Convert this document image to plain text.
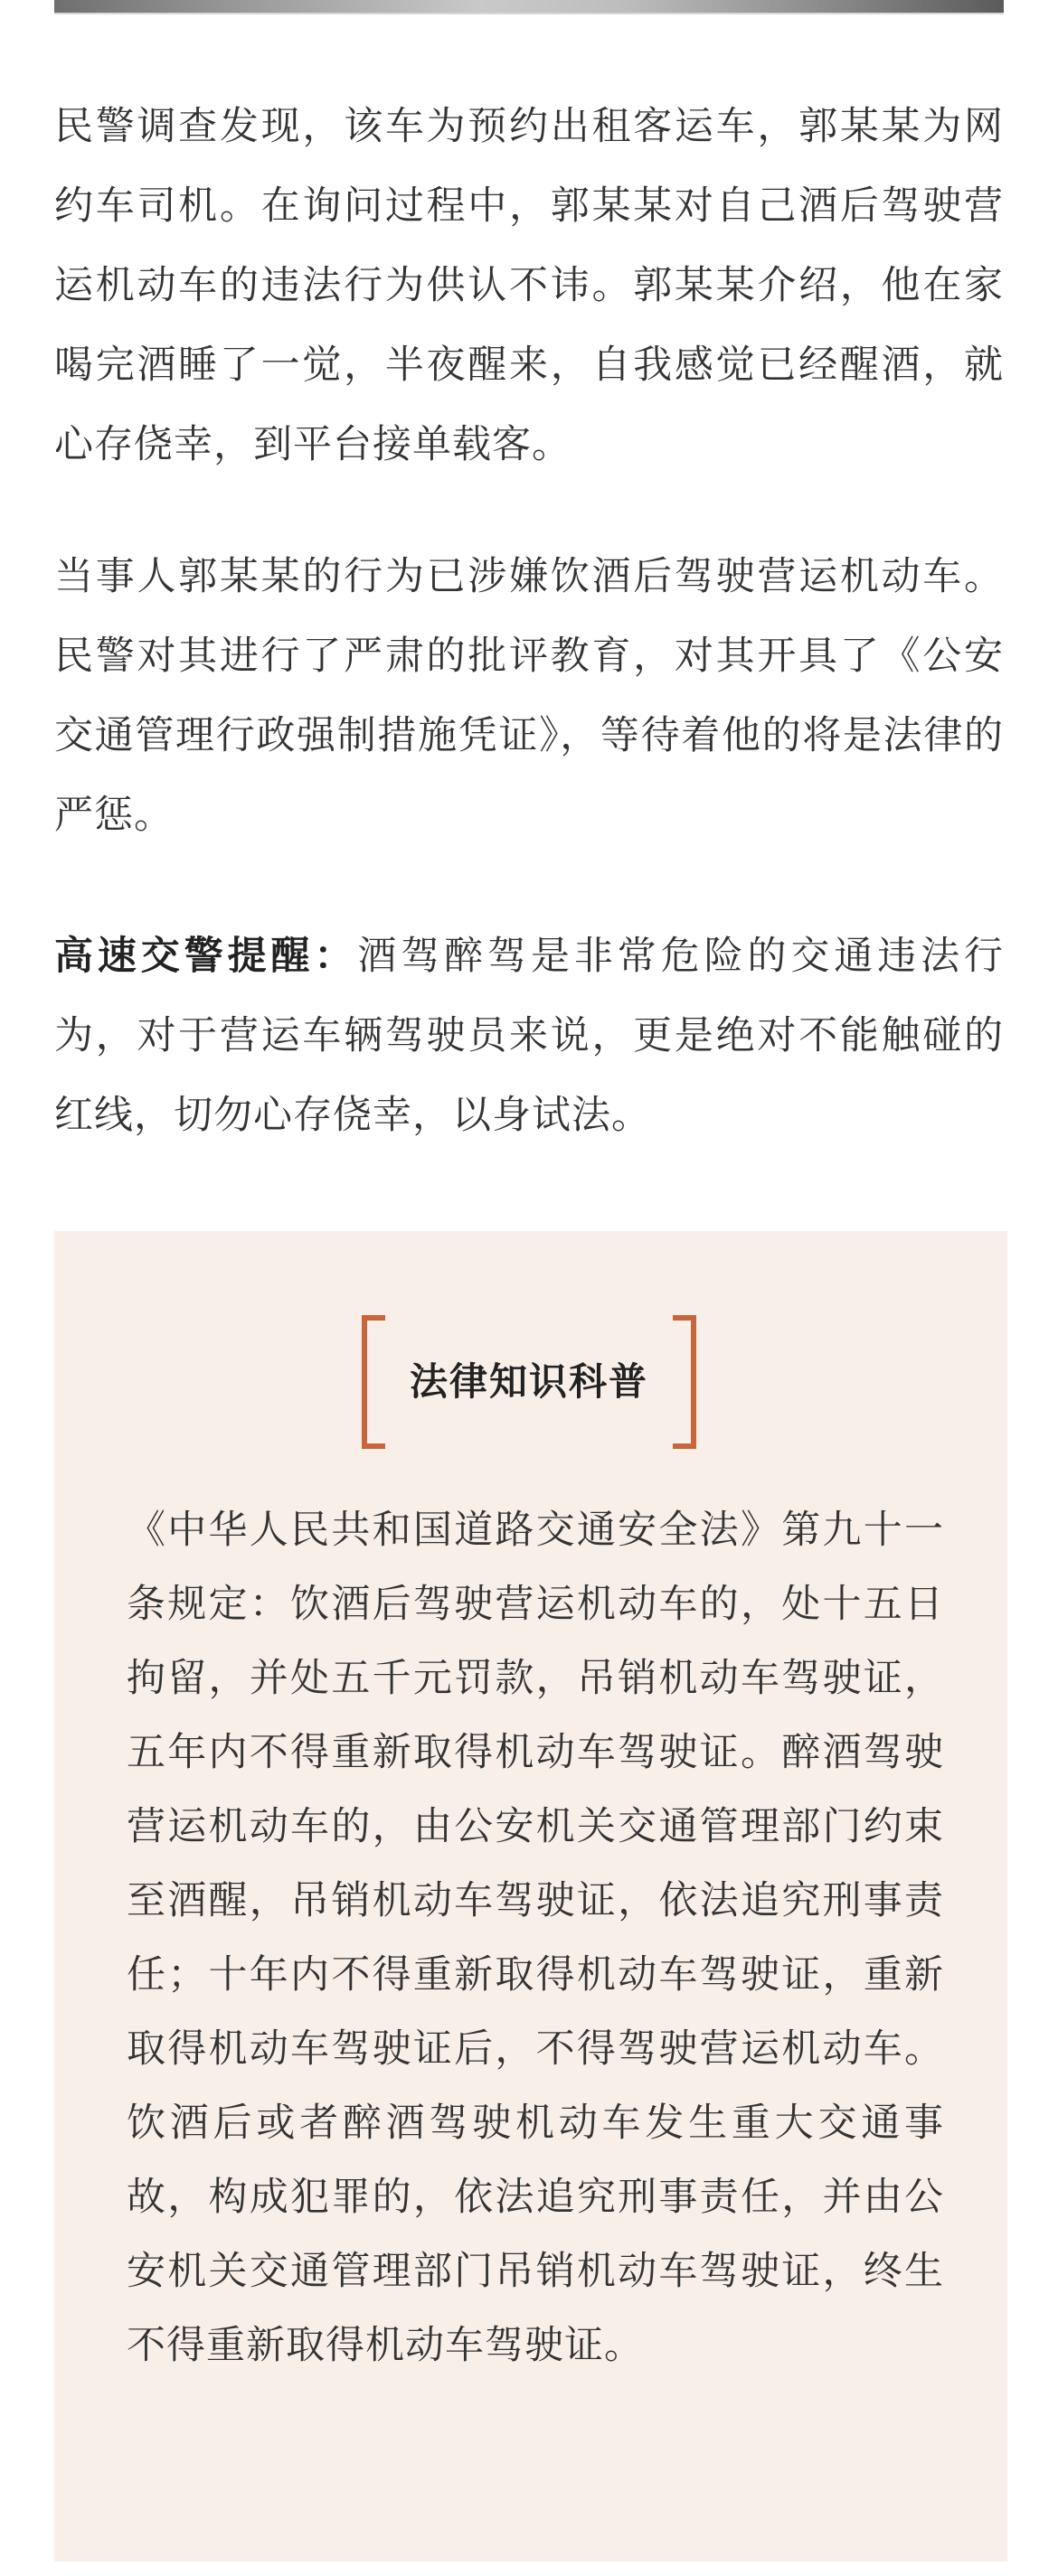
民警调查发现，该车为预约出租客运车，郭某某为网约车司机。在询问过程中，郭某某对自己酒后驾驶营运机动车的违法行为供认不讳。郭某某介绍，他在家喝完酒睡了一觉，半夜醒来，自我感觉已经醒酒，就心存侥幸，到平台接单载客。

当事人郭某某的行为已涉嫌饮酒后驾驶营运机动车。民警对其进行了严肃的批评教育，对其开具了《公安交通管理行政强制措施凭证》，等待着他的将是法律的严惩。

高速交警提醒：酒驾醉驾是非常危险的交通违法行为，对于营运车辆驾驶员来说，更是绝对不能触碰的红线，切勿心存侥幸，以身试法。

法律知识科普

《中华人民共和国道路交通安全法》第九十一条规定：饮酒后驾驶营运机动车的，处十五日拘留，并处五千元罚款，吊销机动车驾驶证，五年内不得重新取得机动车驾驶证。醉酒驾驶营运机动车的，由公安机关交通管理部门约束至酒醒，吊销机动车驾驶证，依法追究刑事责任；十年内不得重新取得机动车驾驶证，重新取得机动车驾驶证后，不得驾驶营运机动车。饮酒后或者醉酒驾驶机动车发生重大交通事故，构成犯罪的，依法追究刑事责任，并由公安机关交通管理部门吊销机动车驾驶证，终生不得重新取得机动车驾驶证。
